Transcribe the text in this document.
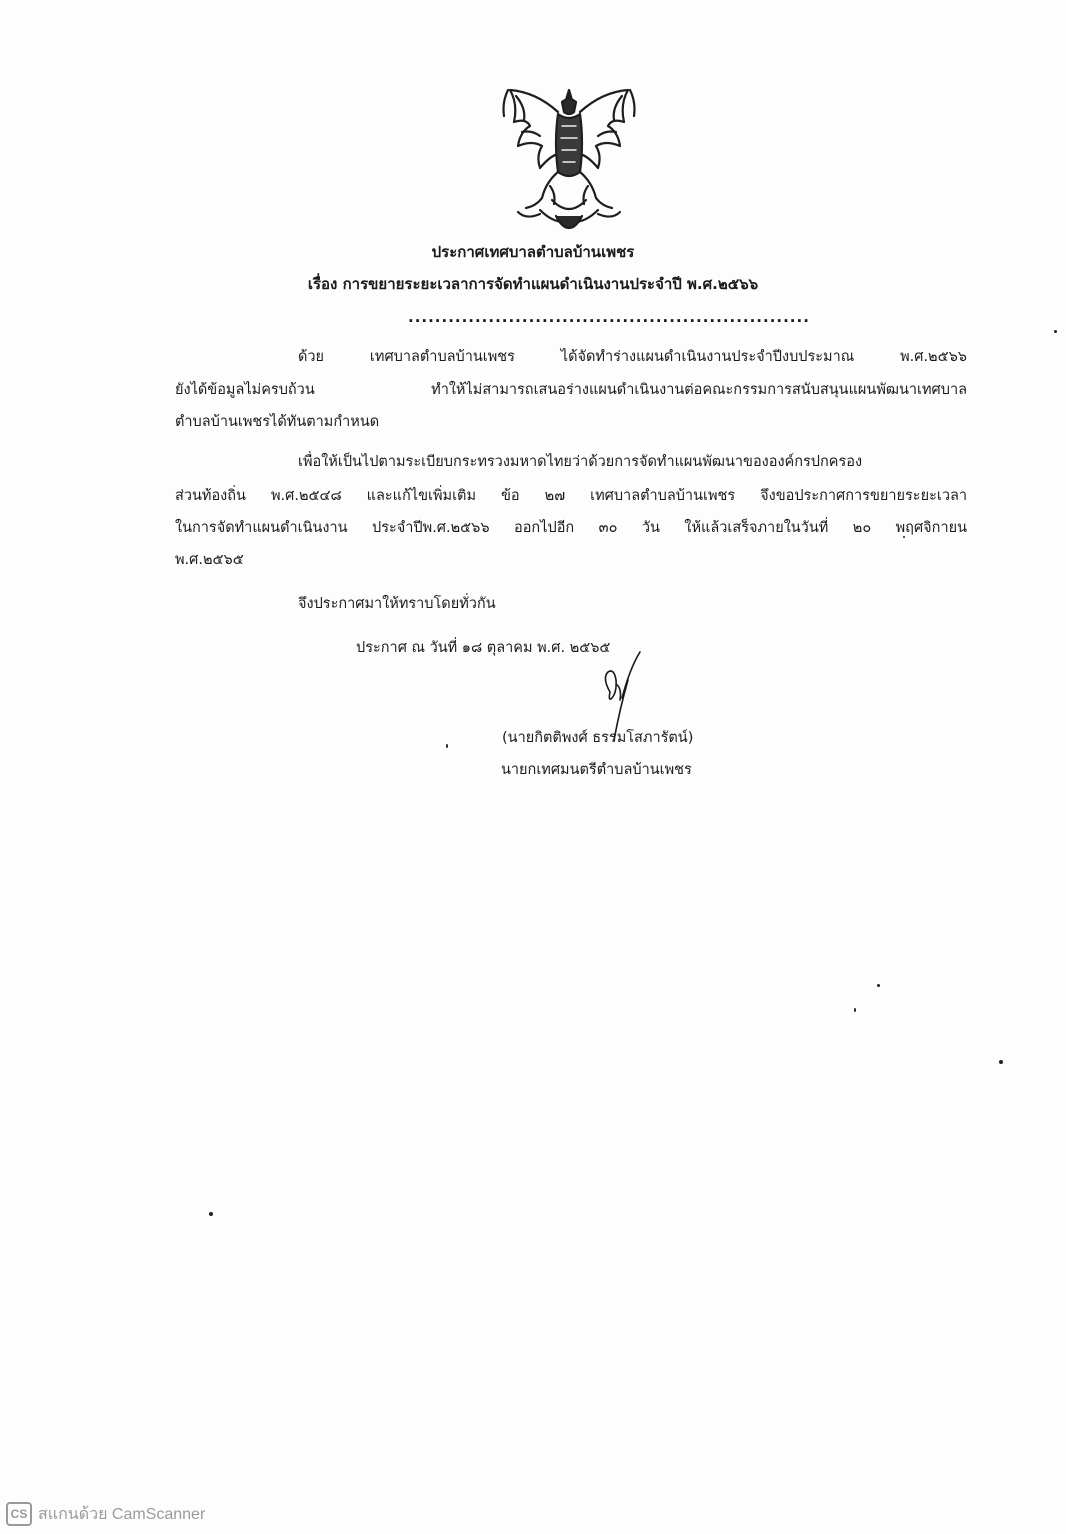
ประกาศเทศบาลตำบลบ้านเพชร
เรื่อง การขยายระยะเวลาการจัดทำแผนดำเนินงานประจำปี พ.ศ.๒๕๖๖
............................................................
ด้วย เทศบาลตำบลบ้านเพชร ได้จัดทำร่างแผนดำเนินงานประจำปีงบประมาณ พ.ศ.๒๕๖๖
ยังได้ข้อมูลไม่ครบถ้วน ทำให้ไม่สามารถเสนอร่างแผนดำเนินงานต่อคณะกรรมการสนับสนุนแผนพัฒนาเทศบาล
ตำบลบ้านเพชรได้ทันตามกำหนด
เพื่อให้เป็นไปตามระเบียบกระทรวงมหาดไทยว่าด้วยการจัดทำแผนพัฒนาขององค์กรปกครอง
ส่วนท้องถิ่น พ.ศ.๒๕๔๘ และแก้ไขเพิ่มเติม ข้อ ๒๗ เทศบาลตำบลบ้านเพชร จึงขอประกาศการขยายระยะเวลา
ในการจัดทำแผนดำเนินงาน ประจำปีพ.ศ.๒๕๖๖ ออกไปอีก ๓๐ วัน ให้แล้วเสร็จภายในวันที่ ๒๐ พฤศจิกายน
พ.ศ.๒๕๖๕
จึงประกาศมาให้ทราบโดยทั่วกัน
ประกาศ ณ วันที่ ๑๘ ตุลาคม พ.ศ. ๒๕๖๕
(นายกิตติพงศ์ ธรรมโสภารัตน์)
นายกเทศมนตรีตำบลบ้านเพชร
CS สแกนด้วย CamScanner
